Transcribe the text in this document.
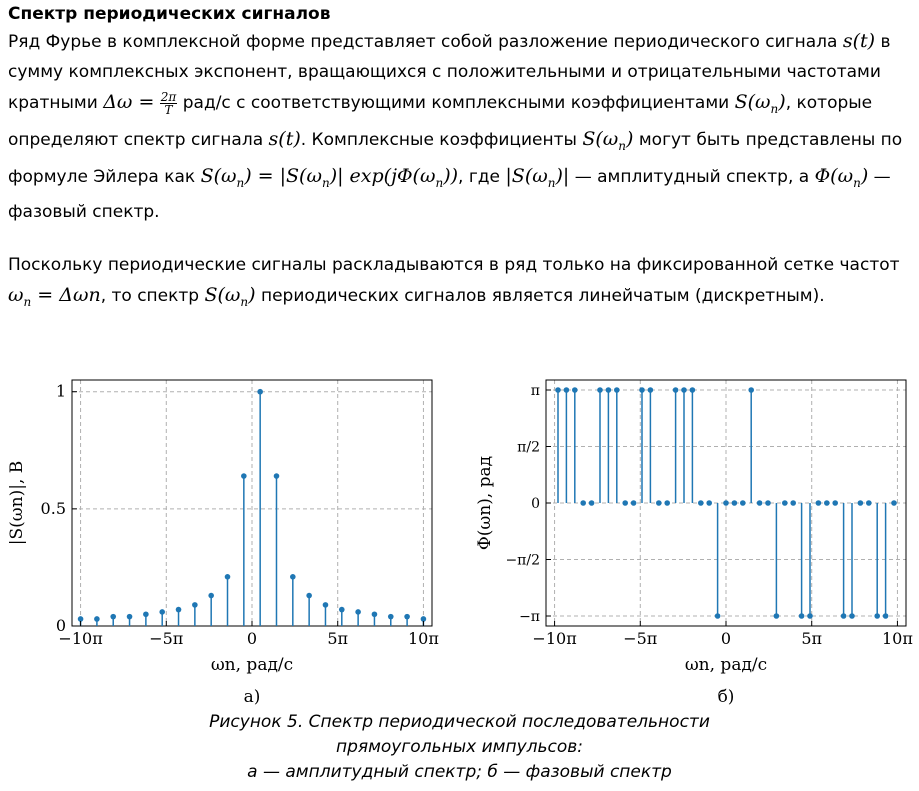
Спектр периодических сигналов
Ряд Фурье в комплексной форме представляет собой разложение периодического сигнала s(t) в сумму комплексных экспонент, вращающихся с положительными и отрицательными частотами кратными $\Delta\omega = \frac{2\pi}{T} рад/с$ с соответствующими комплексными коэффициентами $S(\omega_n)$, которые определяют спектр сигнала s(t). Комплексные коэффициенты $S(\omega_n)$ могут быть представлены по формуле Эйлера как $S(\omega_n) = |S(\omega_n)|$ $\exp(j\Phi(\omega_n))$, где $|S(\omega_n)|$ — амплитудный спектр, а $\Phi(\omega_n)$ — фазовый спектр.
Поскольку периодические сигналы раскладываются в ряд только на фиксированной сетке частот $\omega_n = \Delta\omega n$, то спектр $S(\omega_n)$ периодических сигналов является линейчатым (дискретным).
−10π	−5π	0	5π	10π
0
0.5
1
|S(ωn)|, В
ωn, рад/с
а)
−10π	−5π	0	5π	10π
π
π/2
0
−π/2
−π
Φ(ωn), рад
ωn, рад/с
б)
Рисунок 5. Спектр периодической последовательности
прямоугольных импульсов:
а — амплитудный спектр; б — фазовый спектр
